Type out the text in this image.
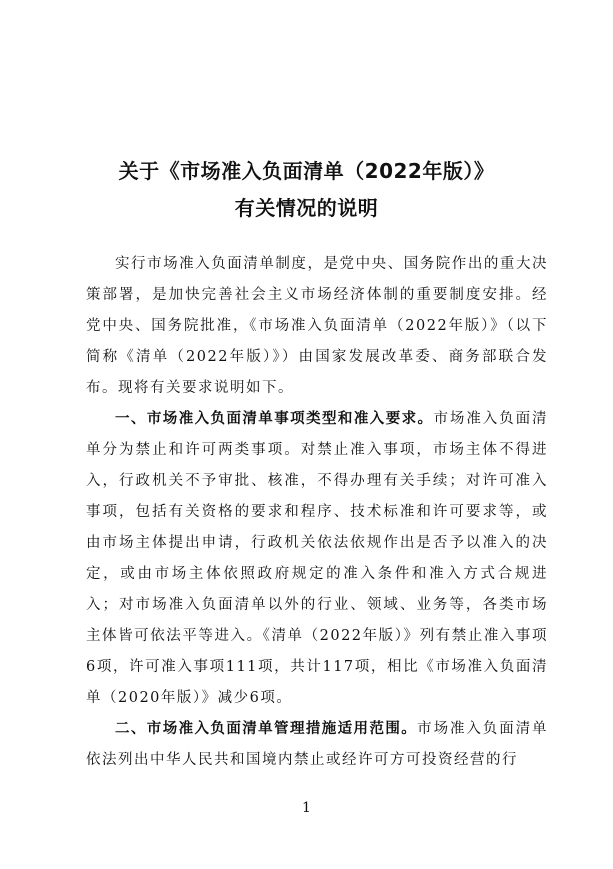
关于《市场准入负面清单（2022年版）》
有关情况的说明

实行市场准入负面清单制度，是党中央、国务院作出的重大决策部署，是加快完善社会主义市场经济体制的重要制度安排。经党中央、国务院批准，《市场准入负面清单（2022年版）》（以下简称《清单（2022年版）》）由国家发展改革委、商务部联合发布。现将有关要求说明如下。

一、市场准入负面清单事项类型和准入要求。市场准入负面清单分为禁止和许可两类事项。对禁止准入事项，市场主体不得进入，行政机关不予审批、核准，不得办理有关手续；对许可准入事项，包括有关资格的要求和程序、技术标准和许可要求等，或由市场主体提出申请，行政机关依法依规作出是否予以准入的决定，或由市场主体依照政府规定的准入条件和准入方式合规进入；对市场准入负面清单以外的行业、领域、业务等，各类市场主体皆可依法平等进入。《清单（2022年版）》列有禁止准入事项6项，许可准入事项111项，共计117项，相比《市场准入负面清单（2020年版）》减少6项。

二、市场准入负面清单管理措施适用范围。市场准入负面清单依法列出中华人民共和国境内禁止或经许可方可投资经营的行

1
